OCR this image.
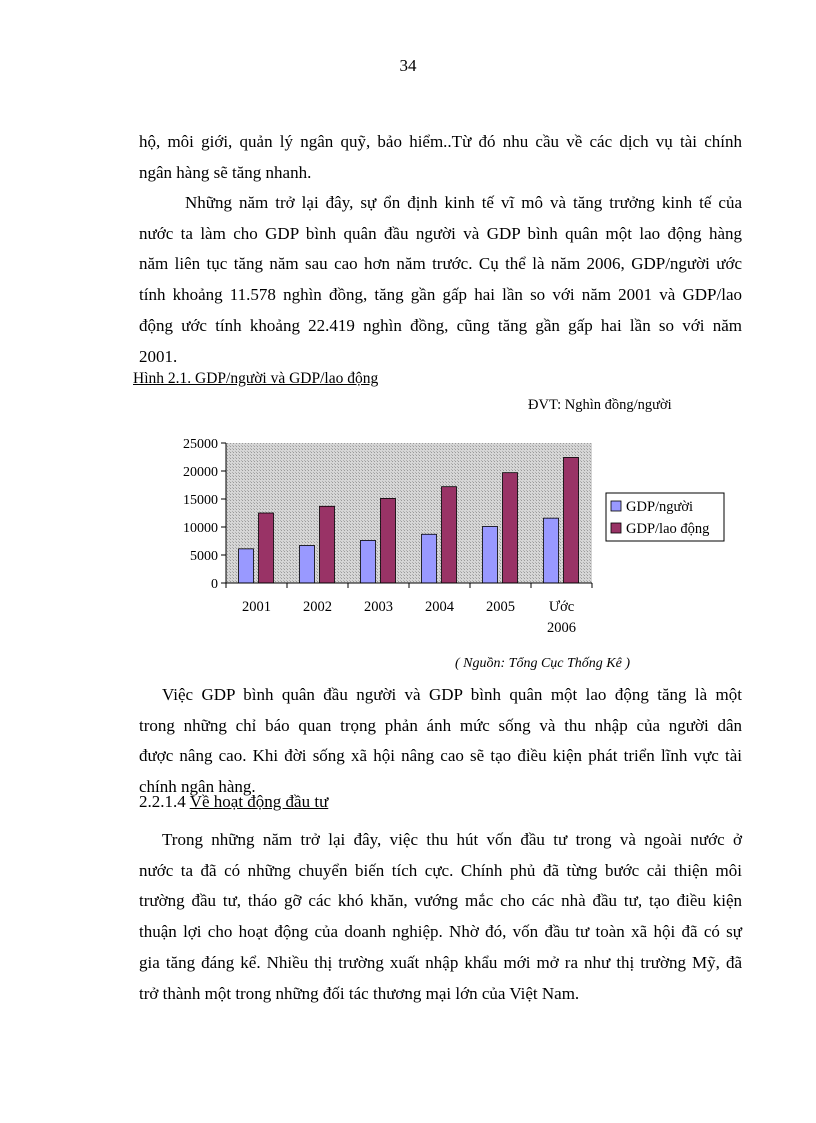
34

hộ, môi giới, quản lý ngân quỹ, bảo hiểm..Từ đó nhu cầu về các dịch vụ tài chính
ngân hàng sẽ tăng nhanh.

Những năm trở lại đây, sự ổn định kinh tế vĩ mô và tăng trưởng kinh tế của
nước ta làm cho GDP bình quân đầu người và GDP bình quân một lao động hàng
năm liên tục tăng năm sau cao hơn năm trước. Cụ thể là năm 2006, GDP/người ước
tính khoảng 11.578 nghìn đồng, tăng gần gấp hai lần so với năm 2001 và GDP/lao
động ước tính khoảng 22.419 nghìn đồng, cũng tăng gần gấp hai lần so với năm
2001.

Hình 2.1. GDP/người và GDP/lao động
ĐVT: Nghìn đồng/người
0
5000
10000
15000
20000
25000
2001 2002 2003 2004 2005 Ước
2006
GDP/người
GDP/lao động
( Nguồn: Tổng Cục Thống Kê )

Việc GDP bình quân đầu người và GDP bình quân một lao động tăng là một
trong những chỉ báo quan trọng phản ánh mức sống và thu nhập của người dân
được nâng cao. Khi đời sống xã hội nâng cao sẽ tạo điều kiện phát triển lĩnh vực tài
chính ngân hàng.

2.2.1.4 Về hoạt động đầu tư

Trong những năm trở lại đây, việc thu hút vốn đầu tư trong và ngoài nước ở
nước ta đã có những chuyển biến tích cực. Chính phủ đã từng bước cải thiện môi
trường đầu tư, tháo gỡ các khó khăn, vướng mắc cho các nhà đầu tư, tạo điều kiện
thuận lợi cho hoạt động của doanh nghiệp. Nhờ đó, vốn đầu tư toàn xã hội đã có sự
gia tăng đáng kể. Nhiều thị trường xuất nhập khẩu mới mở ra như thị trường Mỹ, đã
trở thành một trong những đối tác thương mại lớn của Việt Nam.
